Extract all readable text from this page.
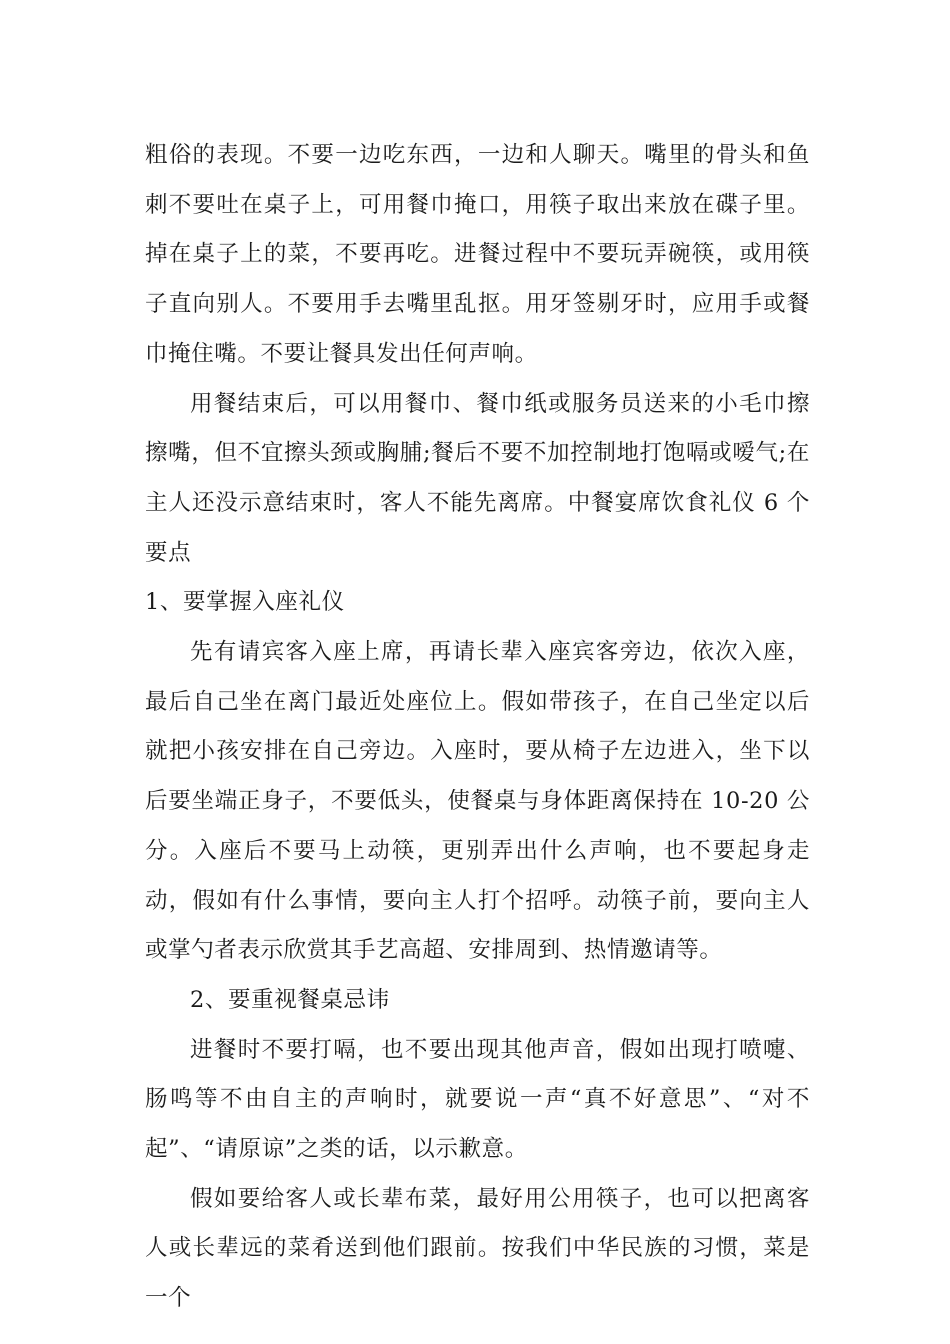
粗俗的表现。不要一边吃东西，一边和人聊天。嘴里的骨头和鱼刺不要吐在桌子上，可用餐巾掩口，用筷子取出来放在碟子里。掉在桌子上的菜，不要再吃。进餐过程中不要玩弄碗筷，或用筷子直向别人。不要用手去嘴里乱抠。用牙签剔牙时，应用手或餐巾掩住嘴。不要让餐具发出任何声响。

用餐结束后，可以用餐巾、餐巾纸或服务员送来的小毛巾擦擦嘴，但不宜擦头颈或胸脯;餐后不要不加控制地打饱嗝或嗳气;在主人还没示意结束时，客人不能先离席。中餐宴席饮食礼仪 6 个要点

1、要掌握入座礼仪

先有请宾客入座上席，再请长辈入座宾客旁边，依次入座，最后自己坐在离门最近处座位上。假如带孩子，在自己坐定以后就把小孩安排在自己旁边。入座时，要从椅子左边进入，坐下以后要坐端正身子，不要低头，使餐桌与身体距离保持在 10-20 公分。入座后不要马上动筷，更别弄出什么声响，也不要起身走动，假如有什么事情，要向主人打个招呼。动筷子前，要向主人或掌勺者表示欣赏其手艺高超、安排周到、热情邀请等。

2、要重视餐桌忌讳

进餐时不要打嗝，也不要出现其他声音，假如出现打喷嚏、肠鸣等不由自主的声响时，就要说一声“真不好意思”、“对不起”、“请原谅”之类的话，以示歉意。

假如要给客人或长辈布菜，最好用公用筷子，也可以把离客人或长辈远的菜肴送到他们跟前。按我们中华民族的习惯，菜是一个
